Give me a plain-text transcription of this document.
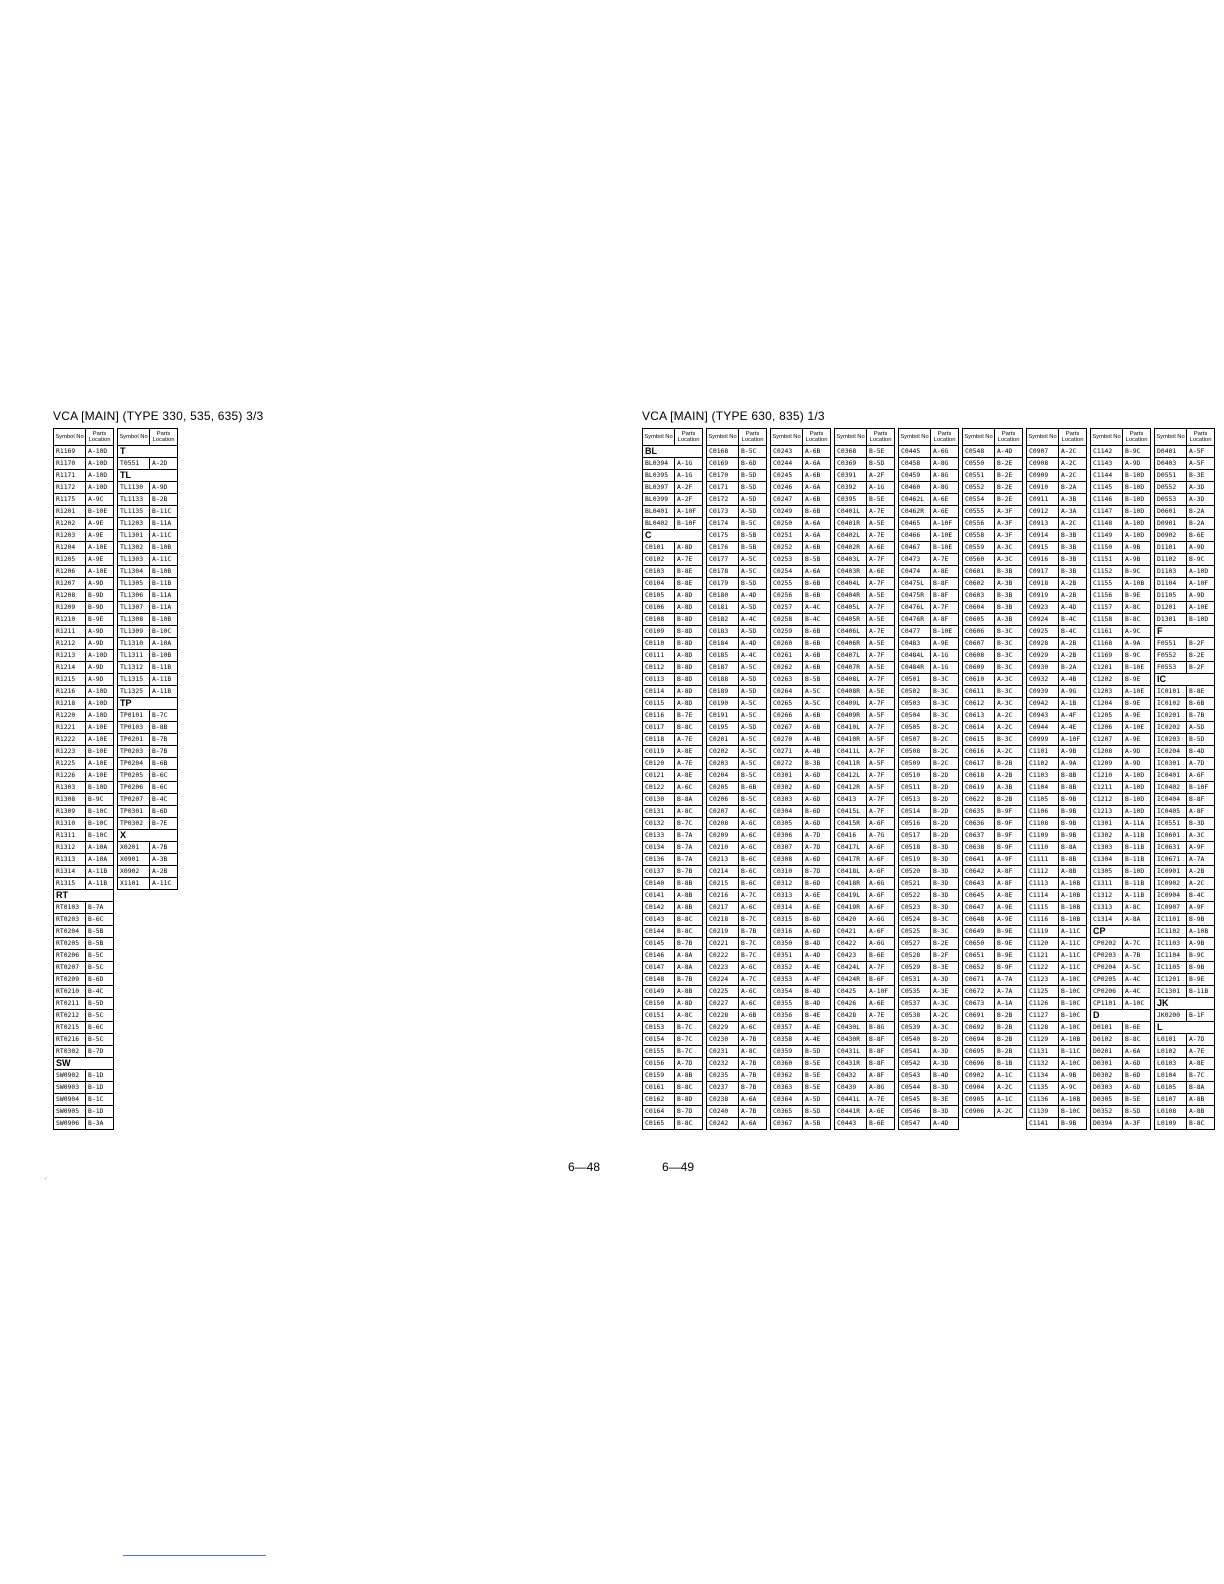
VCA [MAIN] (TYPE 330, 535, 635) 3/3	VCA [MAIN] (TYPE 630, 835) 1/3
Symbol No	Parts Location
R1169	A-10D
R1170	A-10D
R1171	A-10D
R1172	A-10D
R1175	A-9C
R1201	B-10E
R1202	A-9E
R1203	A-9E
R1204	A-10E
R1205	A-9E
R1206	A-10E
R1207	A-9D
R1208	B-9D
R1209	B-9D
R1210	B-9E
R1211	A-9D
R1212	A-9D
R1213	A-10D
R1214	A-9D
R1215	A-9D
R1216	A-10D
R1218	A-10D
R1220	A-10D
R1221	A-10E
R1222	A-10E
R1223	B-10E
R1225	A-10E
R1226	A-10E
R1303	B-10D
R1308	B-9C
R1309	B-10C
R1310	B-10C
R1311	B-10C
R1312	A-10A
R1313	A-10A
R1314	A-11B
R1315	A-11B
RT	
RT0103	B-7A
RT0203	B-6C
RT0204	B-5B
RT0205	B-5B
RT0206	B-5C
RT0207	B-5C
RT0209	B-6D
RT0210	B-4C
RT0211	B-5D
RT0212	B-5C
RT0215	B-6C
RT0216	B-5C
RT0302	B-7D
SW	
SW0902	B-1D
SW0903	B-1D
SW0904	B-1C
SW0905	B-1D
SW0906	B-3A
Symbol No	Parts Location
T	
T0551	A-2D
TL	
TL1130	A-9D
TL1133	B-2B
TL1135	B-11C
TL1203	B-11A
TL1301	A-11C
TL1302	B-10B
TL1303	A-11C
TL1304	B-10B
TL1305	B-11B
TL1306	B-11A
TL1307	B-11A
TL1308	B-10B
TL1309	B-10C
TL1310	A-10A
TL1311	B-10B
TL1312	B-11B
TL1315	A-11B
TL1325	A-11B
TP	
TP0101	B-7C
TP0103	B-8B
TP0201	B-7B
TP0203	B-7B
TP0204	B-6B
TP0205	B-6C
TP0206	B-6C
TP0207	B-4C
TP0301	B-6D
TP0302	B-7E
X	
X0201	A-7B
X0901	A-3B
X0902	A-2B
X1101	A-11C
Symbol No	Parts Location
BL	
BL0394	A-1G
BL0395	A-1G
BL0397	A-2F
BL0399	A-2F
BL0401	A-10F
BL0402	B-10F
C	
C0101	A-8D
C0102	A-7E
C0103	B-8E
C0104	B-8E
C0105	A-8D
C0106	A-8D
C0108	B-8D
C0109	B-8D
C0110	B-8D
C0111	A-8D
C0112	B-8D
C0113	B-8D
C0114	A-8D
C0115	A-8D
C0116	B-7E
C0117	B-8C
C0118	A-7E
C0119	A-8E
C0120	A-7E
C0121	A-8E
C0122	A-6C
C0130	B-8A
C0131	A-8C
C0132	B-7C
C0133	B-7A
C0134	B-7A
C0136	B-7A
C0137	B-7B
C0140	B-8B
C0141	A-8B
C0142	A-8B
C0143	B-8C
C0144	B-8C
C0145	B-7B
C0146	A-8A
C0147	A-8A
C0148	B-7B
C0149	A-8B
C0150	A-8D
C0151	A-8C
C0153	B-7C
C0154	B-7C
C0155	B-7C
C0156	A-7D
C0159	A-8B
C0161	B-8C
C0162	B-8D
C0164	B-7D
C0165	B-8C
Symbol No	Parts Location
C0168	B-5C
C0169	B-6D
C0170	B-5D
C0171	B-5D
C0172	A-5D
C0173	A-5D
C0174	B-5C
C0175	B-5B
C0176	B-5B
C0177	A-5C
C0178	A-5C
C0179	B-5D
C0180	A-4D
C0181	A-5D
C0182	A-4C
C0183	A-5D
C0184	A-4D
C0185	A-4C
C0187	A-5C
C0188	A-5D
C0189	A-5D
C0190	A-5C
C0191	A-5C
C0195	A-5D
C0201	A-5C
C0202	A-5C
C0203	A-5C
C0204	B-5C
C0205	B-6B
C0206	B-5C
C0207	A-6C
C0208	A-6C
C0209	A-6C
C0210	A-6C
C0213	B-6C
C0214	B-6C
C0215	B-6C
C0216	A-7C
C0217	A-6C
C0218	B-7C
C0219	B-7B
C0221	B-7C
C0222	B-7C
C0223	A-6C
C0224	A-7C
C0225	A-6C
C0227	A-6C
C0228	A-6B
C0229	A-6C
C0230	A-7B
C0231	A-8C
C0232	A-7B
C0235	A-7B
C0237	B-7B
C0238	A-6A
C0240	A-7B
C0242	A-6A
Symbol No	Parts Location
C0243	A-6B
C0244	A-6A
C0245	A-6B
C0246	A-6A
C0247	A-6B
C0249	B-6B
C0250	A-6A
C0251	A-6A
C0252	A-6B
C0253	B-5B
C0254	A-6A
C0255	B-6B
C0256	B-6B
C0257	A-4C
C0258	B-4C
C0259	B-6B
C0260	B-6B
C0261	A-6B
C0262	A-6B
C0263	B-5B
C0264	A-5C
C0265	A-5C
C0266	A-6B
C0267	A-6B
C0270	A-4B
C0271	A-4B
C0272	B-3B
C0301	A-6D
C0302	A-6D
C0303	A-6D
C0304	B-6D
C0305	A-6D
C0306	A-7D
C0307	A-7D
C0308	A-6D
C0310	B-7D
C0312	B-6D
C0313	A-6E
C0314	A-6E
C0315	B-6D
C0316	A-6D
C0350	B-4D
C0351	A-4D
C0352	A-4E
C0353	A-4F
C0354	B-4D
C0355	B-4D
C0356	B-4E
C0357	A-4E
C0358	A-4E
C0359	B-5D
C0360	B-5E
C0362	B-5E
C0363	B-5E
C0364	A-5D
C0365	B-5D
C0367	A-5B
Symbol No	Parts Location
C0368	B-5E
C0369	B-5D
C0391	A-2F
C0392	A-1G
C0395	B-5E
C0401L	A-7E
C0401R	A-5E
C0402L	A-7E
C0402R	A-6E
C0403L	A-7F
C0403R	A-6E
C0404L	A-7F
C0404R	A-5E
C0405L	A-7F
C0405R	A-5E
C0406L	A-7E
C0406R	A-5E
C0407L	A-7F
C0407R	A-5E
C0408L	A-7F
C0408R	A-5E
C0409L	A-7F
C0409R	A-5F
C0410L	A-7F
C0410R	A-5F
C0411L	A-7F
C0411R	A-5F
C0412L	A-7F
C0412R	A-5F
C0413	A-7F
C0415L	A-7F
C0415R	A-6F
C0416	A-7G
C0417L	A-6F
C0417R	A-6F
C0418L	A-6F
C0418R	A-6G
C0419L	A-6F
C0419R	A-6F
C0420	A-6G
C0421	A-6F
C0422	A-6G
C0423	B-6E
C0424L	A-7F
C0424R	B-6F
C0425	A-10F
C0426	A-6E
C0428	A-7E
C0430L	B-8G
C0430R	B-8F
C0431L	B-8F
C0431R	B-8F
C0432	A-8F
C0439	A-8G
C0441L	A-7E
C0441R	A-6E
C0443	B-6E
Symbol No	Parts Location
C0445	A-6G
C0458	A-8G
C0459	A-8G
C0460	A-8G
C0462L	A-6E
C0462R	A-6E
C0465	A-10F
C0466	A-10E
C0467	B-10E
C0473	A-7E
C0474	A-8E
C0475L	B-8F
C0475R	B-8F
C0476L	A-7F
C0476R	A-8F
C0477	B-10E
C0483	A-9E
C0484L	A-1G
C0484R	A-1G
C0501	B-3C
C0502	B-3C
C0503	B-3C
C0504	B-3C
C0505	B-2C
C0507	B-2C
C0508	B-2C
C0509	B-2C
C0510	B-2D
C0511	B-2D
C0513	B-2D
C0514	B-2D
C0516	B-2D
C0517	B-2D
C0518	B-3D
C0519	B-3D
C0520	B-3D
C0521	B-3D
C0522	B-3D
C0523	B-3D
C0524	B-3C
C0525	B-3C
C0527	B-2E
C0528	B-2F
C0529	B-3E
C0531	A-3D
C0535	A-3E
C0537	A-3C
C0538	A-2C
C0539	A-3C
C0540	B-2D
C0541	A-3D
C0542	A-3D
C0543	B-4D
C0544	B-3D
C0545	B-3E
C0546	B-3D
C0547	A-4D
Symbol No	Parts Location
C0548	A-4D
C0550	B-2E
C0551	B-2E
C0552	B-2E
C0554	B-2E
C0555	A-3F
C0556	A-3F
C0558	A-3F
C0559	A-3C
C0560	A-3C
C0601	B-3B
C0602	A-3B
C0603	B-3B
C0604	B-3B
C0605	A-3B
C0606	B-3C
C0607	B-3C
C0608	B-3C
C0609	B-3C
C0610	A-3C
C0611	B-3C
C0612	A-3C
C0613	A-2C
C0614	A-2C
C0615	B-3C
C0616	A-2C
C0617	B-2B
C0618	A-2B
C0619	A-3B
C0622	B-2B
C0635	B-9F
C0636	B-9F
C0637	B-9F
C0638	B-9F
C0641	A-9F
C0642	A-8F
C0643	A-8F
C0645	A-8E
C0647	A-9E
C0648	A-9E
C0649	B-9E
C0650	B-9E
C0651	B-9E
C0652	B-9F
C0671	A-7A
C0672	A-7A
C0673	A-1A
C0691	B-2B
C0692	B-2B
C0694	B-2B
C0695	B-2B
C0696	B-1B
C0902	A-1C
C0904	A-2C
C0905	A-1C
C0906	A-2C
Symbol No	Parts Location
C0907	A-2C
C0908	A-2C
C0909	A-2C
C0910	B-2A
C0911	A-3B
C0912	A-3A
C0913	A-2C
C0914	B-3B
C0915	B-3B
C0916	B-3B
C0917	B-3B
C0918	A-2B
C0919	A-2B
C0923	A-4D
C0924	B-4C
C0925	B-4C
C0928	A-2B
C0929	A-2B
C0930	B-2A
C0932	A-4B
C0939	A-9G
C0942	A-1B
C0943	A-4F
C0944	A-4E
C0999	A-10F
C1101	A-9B
C1102	A-9A
C1103	B-8B
C1104	B-8B
C1105	B-9B
C1106	B-9B
C1108	B-9B
C1109	B-9B
C1110	B-8A
C1111	B-8B
C1112	A-8B
C1113	A-10B
C1114	A-10B
C1115	B-10B
C1116	B-10B
C1119	A-11C
C1120	A-11C
C1121	A-11C
C1122	A-11C
C1123	A-10C
C1125	B-10C
C1126	B-10C
C1127	B-10C
C1128	A-10C
C1129	A-10B
C1131	B-11C
C1132	A-10C
C1134	A-9B
C1135	A-9C
C1136	A-10B
C1139	B-10C
C1141	B-9B
Symbol No	Parts Location
C1142	B-9C
C1143	A-9D
C1144	B-10D
C1145	B-10D
C1146	B-10D
C1147	B-10D
C1148	A-10D
C1149	A-10D
C1150	A-9B
C1151	A-9B
C1152	B-9C
C1155	A-10B
C1156	B-9E
C1157	A-8C
C1158	B-8C
C1161	A-9C
C1168	A-9A
C1169	B-9C
C1201	B-10E
C1202	B-9E
C1203	A-10E
C1204	B-9E
C1205	A-9E
C1206	A-10E
C1207	A-9E
C1208	A-9D
C1209	A-9D
C1210	A-10D
C1211	A-10D
C1212	B-10D
C1213	A-10D
C1301	A-11A
C1302	A-11B
C1303	B-11B
C1304	B-11B
C1305	B-10D
C1311	B-11B
C1312	A-11B
C1313	A-8C
C1314	A-8A
CP	
CP0202	A-7C
CP0203	A-7B
CP0204	A-5C
CP0205	A-4C
CP0206	A-4C
CP1101	A-10C
D	
D0101	B-6E
D0102	B-8C
D0201	A-6A
D0301	A-6D
D0302	B-6D
D0303	A-6D
D0305	B-5E
D0352	B-5D
D0394	A-3F
Symbol No	Parts Location
D0401	A-5F
D0403	A-5F
D0551	B-3E
D0552	A-3D
D0553	A-3D
D0601	B-2A
D0901	B-2A
D0902	B-6E
D1101	A-9D
D1102	B-9C
D1103	A-10D
D1104	A-10F
D1105	A-9D
D1201	A-10E
D1301	B-10D
F	
F0551	B-2F
F0552	B-2E
F0553	B-2F
IC	
IC0101	B-8E
IC0102	B-6B
IC0201	B-7B
IC0202	A-5D
IC0203	B-5D
IC0204	B-4D
IC0301	A-7D
IC0401	A-6F
IC0402	B-10F
IC0404	B-8F
IC0405	A-8F
IC0551	B-3D
IC0601	A-3C
IC0631	A-9F
IC0671	A-7A
IC0901	A-2B
IC0902	A-2C
IC0904	B-4C
IC0907	A-9F
IC1101	B-9B
IC1102	A-10B
IC1103	A-9B
IC1104	B-9C
IC1105	B-9B
IC1201	B-9E
IC1301	B-11B
JK	
JK0200	B-1F
L	
L0101	A-7D
L0102	A-7E
L0103	A-8E
L0104	B-7C
L0105	B-8A
L0107	A-8B
L0108	A-8B
L0109	B-8C
6—48	6—49
